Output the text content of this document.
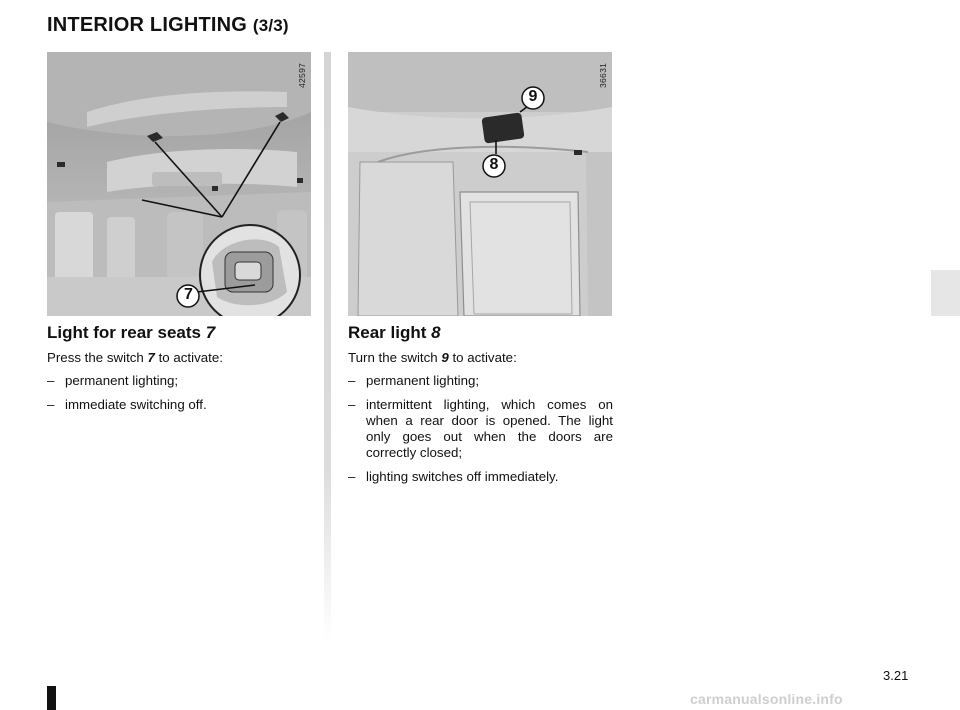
INTERIOR LIGHTING (3/3)
7
42597
9
8
36631
Light for rear seats 7

Press the switch 7 to activate:

– permanent lighting;
– immediate switching off.
Rear light 8

Turn the switch 9 to activate:

– permanent lighting;
– intermittent lighting, which comes on when a rear door is opened. The light only goes out when the doors are correctly closed;
– lighting switches off immediately.
3.21
carmanualsonline.info
